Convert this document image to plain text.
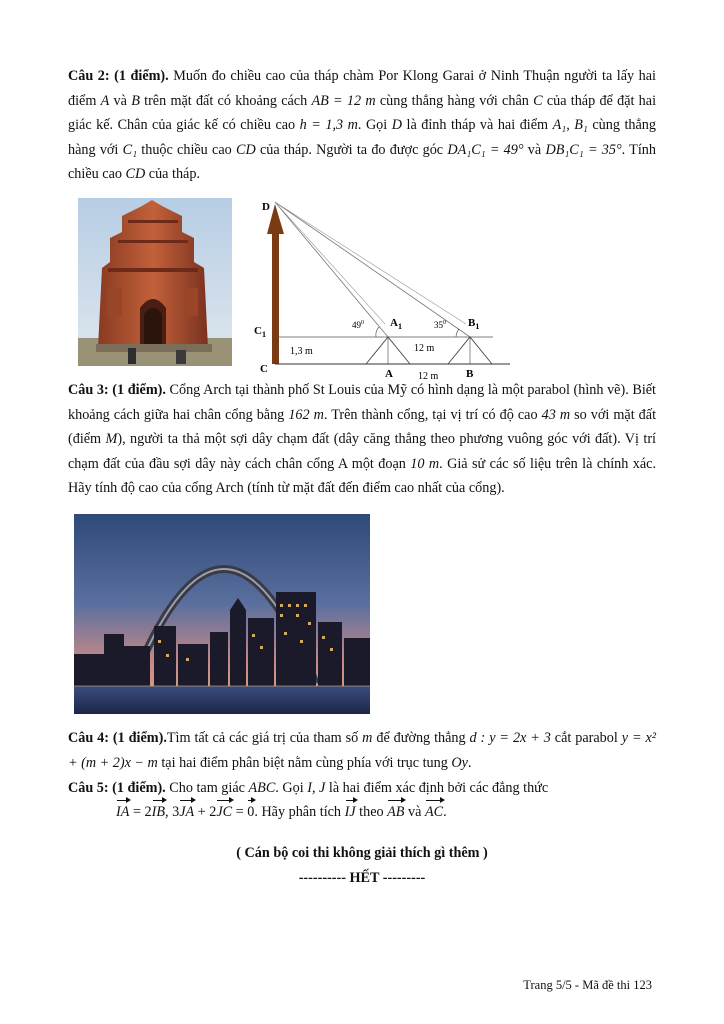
Câu 2: (1 điểm). Muốn đo chiều cao của tháp chàm Por Klong Garai ở Ninh Thuận người ta lấy hai điểm A và B trên mặt đất có khoảng cách AB = 12 m cùng thẳng hàng với chân C của tháp để đặt hai giác kế. Chân của giác kế có chiều cao h = 1,3 m. Gọi D là đỉnh tháp và hai điểm A₁, B₁ cùng thẳng hàng với C₁ thuộc chiều cao CD của tháp. Người ta đo được góc DA₁C₁ = 49° và DB₁C₁ = 35°. Tính chiều cao CD của tháp.
D
$C_1$
C
$A_1$	$B_1$
A	B
$49^0$	$35^0$
1,3 m	12 m
12 m
Câu 3: (1 điểm). Cổng Arch tại thành phố St Louis của Mỹ có hình dạng là một parabol (hình vẽ). Biết khoảng cách giữa hai chân cổng bằng 162 m. Trên thành cổng, tại vị trí có độ cao 43 m so với mặt đất (điểm M), người ta thả một sợi dây chạm đất (dây căng thẳng theo phương vuông góc với đất). Vị trí chạm đất của đầu sợi dây này cách chân cổng A một đoạn 10 m. Giả sử các số liệu trên là chính xác. Hãy tính độ cao của cổng Arch (tính từ mặt đất đến điểm cao nhất của cổng).
Câu 4: (1 điểm).Tìm tất cả các giá trị của tham số m để đường thẳng d : y = 2x + 3 cắt parabol y = x² + (m + 2)x − m tại hai điểm phân biệt nằm cùng phía với trục tung Oy.
Câu 5: (1 điểm). Cho tam giác ABC. Gọi I, J là hai điểm xác định bởi các đẳng thức
IA = 2IB, 3JA + 2JC = 0. Hãy phân tích IJ theo AB và AC.
( Cán bộ coi thi không giải thích gì thêm )
---------- HẾT ---------
Trang 5/5 - Mã đề thi 123
